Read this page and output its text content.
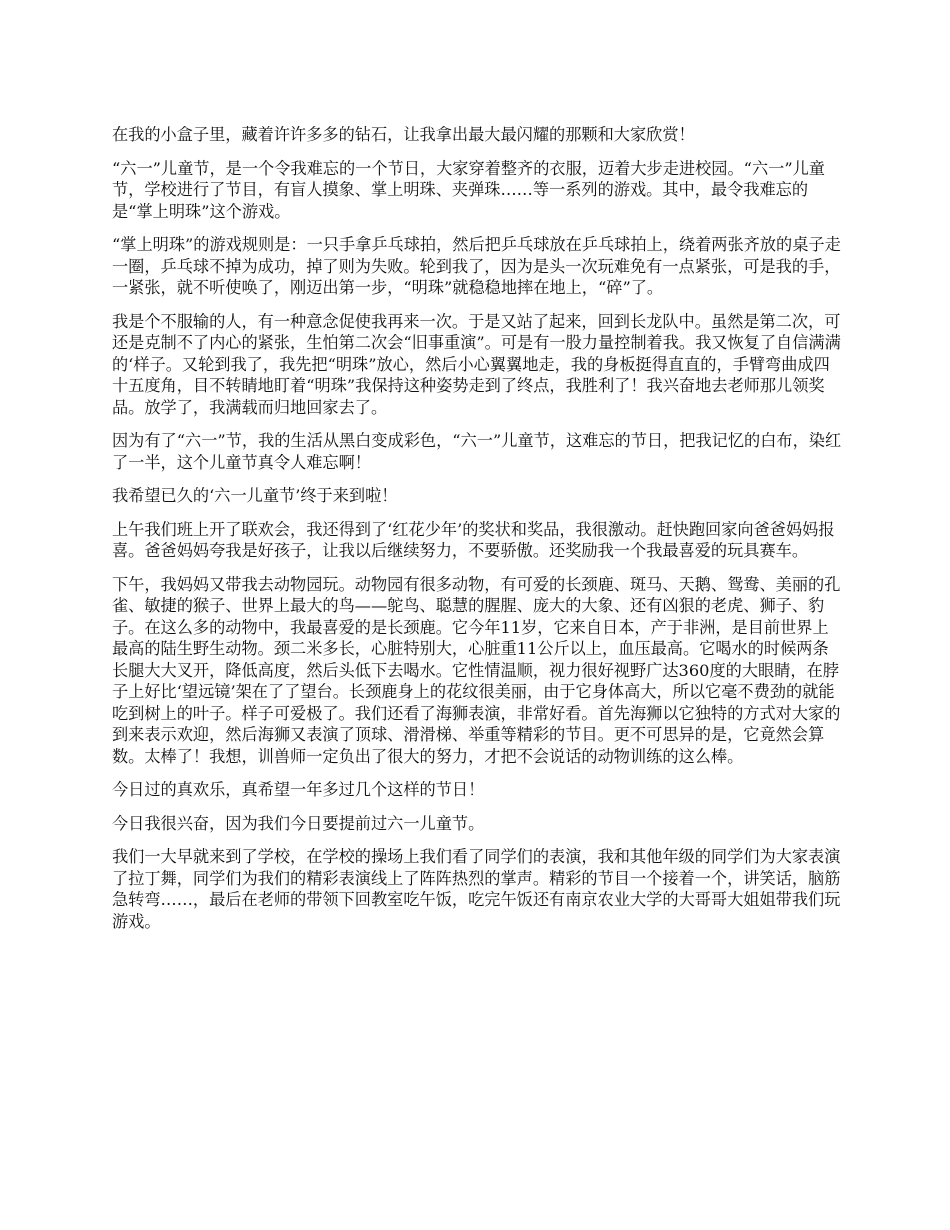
在我的小盒子里，藏着许许多多的钻石，让我拿出最大最闪耀的那颗和大家欣赏！

“六一”儿童节，是一个令我难忘的一个节日，大家穿着整齐的衣服，迈着大步走进校园。“六一”儿童节，学校进行了节目，有盲人摸象、掌上明珠、夹弹珠……等一系列的游戏。其中，最令我难忘的是“掌上明珠”这个游戏。

“掌上明珠”的游戏规则是：一只手拿乒乓球拍，然后把乒乓球放在乒乓球拍上，绕着两张齐放的桌子走一圈，乒乓球不掉为成功，掉了则为失败。轮到我了，因为是头一次玩难免有一点紧张，可是我的手，一紧张，就不听使唤了，刚迈出第一步，“明珠”就稳稳地摔在地上，“碎”了。

我是个不服输的人，有一种意念促使我再来一次。于是又站了起来，回到长龙队中。虽然是第二次，可还是克制不了内心的紧张，生怕第二次会“旧事重演”。可是有一股力量控制着我。我又恢复了自信满满的‘样子。又轮到我了，我先把“明珠”放心，然后小心翼翼地走，我的身板挺得直直的，手臂弯曲成四十五度角，目不转睛地盯着“明珠”我保持这种姿势走到了终点，我胜利了！我兴奋地去老师那儿领奖品。放学了，我满载而归地回家去了。

因为有了“六一”节，我的生活从黑白变成彩色，“六一”儿童节，这难忘的节日，把我记忆的白布，染红了一半，这个儿童节真令人难忘啊！

我希望已久的‘六一儿童节’终于来到啦！

上午我们班上开了联欢会，我还得到了‘红花少年’的奖状和奖品，我很激动。赶快跑回家向爸爸妈妈报喜。爸爸妈妈夸我是好孩子，让我以后继续努力，不要骄傲。还奖励我一个我最喜爱的玩具赛车。

下午，我妈妈又带我去动物园玩。动物园有很多动物，有可爱的长颈鹿、斑马、天鹅、鸳鸯、美丽的孔雀、敏捷的猴子、世界上最大的鸟——鸵鸟、聪慧的腥腥、庞大的大象、还有凶狠的老虎、狮子、豹子。在这么多的动物中，我最喜爱的是长颈鹿。它今年11岁，它来自日本，产于非洲，是目前世界上最高的陆生野生动物。颈二米多长，心脏特别大，心脏重11公斤以上，血压最高。它喝水的时候两条长腿大大叉开，降低高度，然后头低下去喝水。它性情温顺，视力很好视野广达360度的大眼睛，在脖子上好比‘望远镜’架在了了望台。长颈鹿身上的花纹很美丽，由于它身体高大，所以它毫不费劲的就能吃到树上的叶子。样子可爱极了。我们还看了海狮表演，非常好看。首先海狮以它独特的方式对大家的到来表示欢迎，然后海狮又表演了顶球、滑滑梯、举重等精彩的节目。更不可思异的是，它竟然会算数。太棒了！我想，训兽师一定负出了很大的努力，才把不会说话的动物训练的这么棒。

今日过的真欢乐，真希望一年多过几个这样的节日！

今日我很兴奋，因为我们今日要提前过六一儿童节。

我们一大早就来到了学校，在学校的操场上我们看了同学们的表演，我和其他年级的同学们为大家表演了拉丁舞，同学们为我们的精彩表演线上了阵阵热烈的掌声。精彩的节目一个接着一个，讲笑话，脑筋急转弯……，最后在老师的带领下回教室吃午饭，吃完午饭还有南京农业大学的大哥哥大姐姐带我们玩游戏。
